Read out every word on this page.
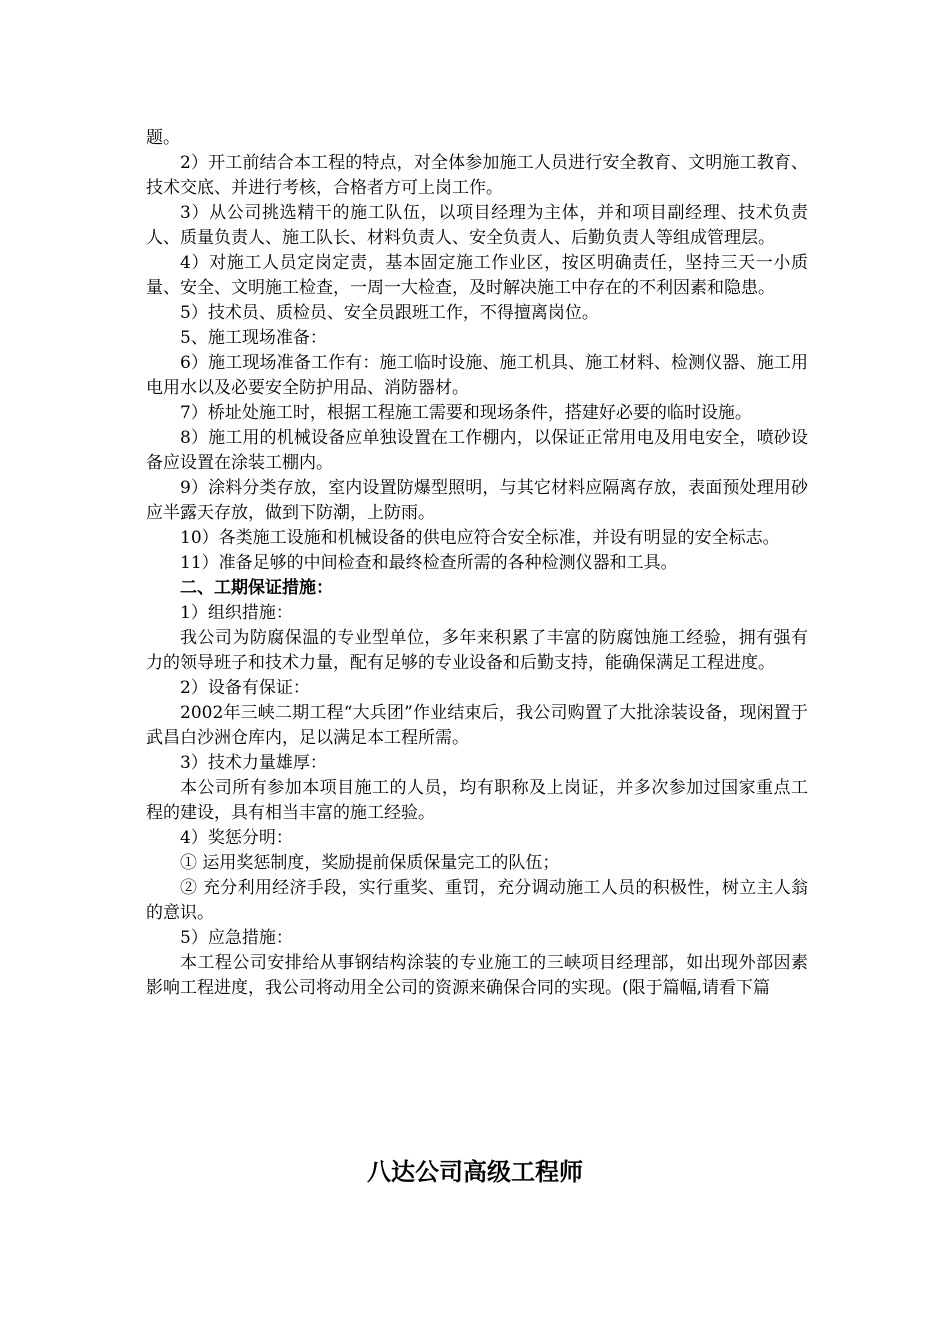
题。

2）开工前结合本工程的特点，对全体参加施工人员进行安全教育、文明施工教育、技术交底、并进行考核，合格者方可上岗工作。

3）从公司挑选精干的施工队伍，以项目经理为主体，并和项目副经理、技术负责人、质量负责人、施工队长、材料负责人、安全负责人、后勤负责人等组成管理层。

4）对施工人员定岗定责，基本固定施工作业区，按区明确责任，坚持三天一小质量、安全、文明施工检查，一周一大检查，及时解决施工中存在的不利因素和隐患。

5）技术员、质检员、安全员跟班工作，不得擅离岗位。

5、施工现场准备：

6）施工现场准备工作有：施工临时设施、施工机具、施工材料、检测仪器、施工用电用水以及必要安全防护用品、消防器材。

7）桥址处施工时，根据工程施工需要和现场条件，搭建好必要的临时设施。

8）施工用的机械设备应单独设置在工作棚内，以保证正常用电及用电安全，喷砂设备应设置在涂装工棚内。

9）涂料分类存放，室内设置防爆型照明，与其它材料应隔离存放，表面预处理用砂应半露天存放，做到下防潮，上防雨。

10）各类施工设施和机械设备的供电应符合安全标准，并设有明显的安全标志。

11）准备足够的中间检查和最终检查所需的各种检测仪器和工具。

二、工期保证措施：

1）组织措施：

我公司为防腐保温的专业型单位，多年来积累了丰富的防腐蚀施工经验，拥有强有力的领导班子和技术力量，配有足够的专业设备和后勤支持，能确保满足工程进度。

2）设备有保证：

2002年三峡二期工程“大兵团”作业结束后，我公司购置了大批涂装设备，现闲置于武昌白沙洲仓库内，足以满足本工程所需。

3）技术力量雄厚：

本公司所有参加本项目施工的人员，均有职称及上岗证，并多次参加过国家重点工程的建设，具有相当丰富的施工经验。

4）奖惩分明：

① 运用奖惩制度，奖励提前保质保量完工的队伍；

② 充分利用经济手段，实行重奖、重罚，充分调动施工人员的积极性，树立主人翁的意识。

5）应急措施：

本工程公司安排给从事钢结构涂装的专业施工的三峡项目经理部，如出现外部因素影响工程进度，我公司将动用全公司的资源来确保合同的实现。(限于篇幅,请看下篇

八达公司高级工程师
